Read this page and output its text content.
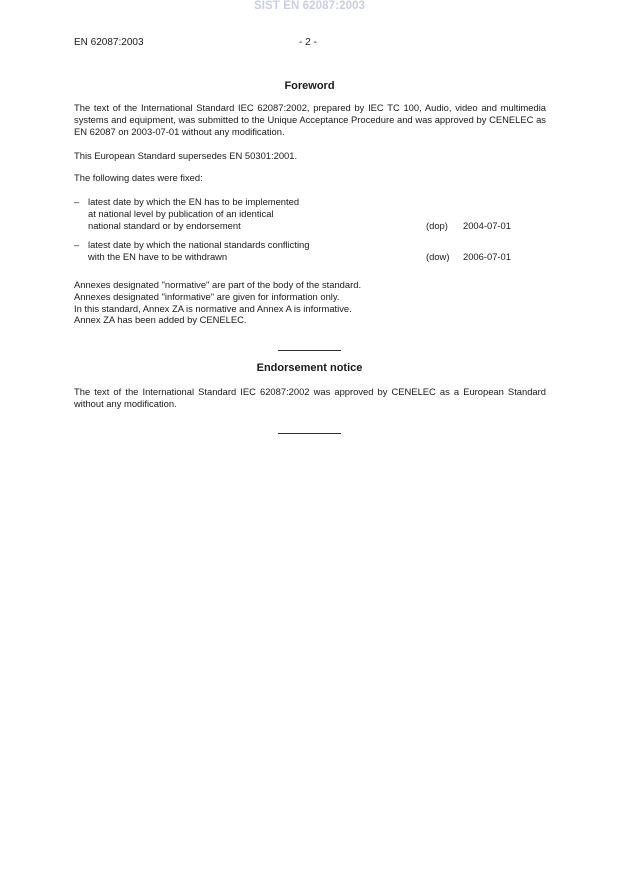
SIST EN 62087:2003
EN 62087:2003	- 2 -
Foreword
The text of the International Standard IEC 62087:2002, prepared by IEC TC 100, Audio, video and multimedia systems and equipment, was submitted to the Unique Acceptance Procedure and was approved by CENELEC as EN 62087 on 2003-07-01 without any modification.
This European Standard supersedes EN 50301:2001.
The following dates were fixed:
– latest date by which the EN has to be implemented
at national level by publication of an identical
national standard or by endorsement	(dop) 2004-07-01
– latest date by which the national standards conflicting
with the EN have to be withdrawn	(dow) 2006-07-01
Annexes designated "normative" are part of the body of the standard.
Annexes designated "informative" are given for information only.
In this standard, Annex ZA is normative and Annex A is informative.
Annex ZA has been added by CENELEC.
Endorsement notice
The text of the International Standard IEC 62087:2002 was approved by CENELEC as a European Standard without any modification.
